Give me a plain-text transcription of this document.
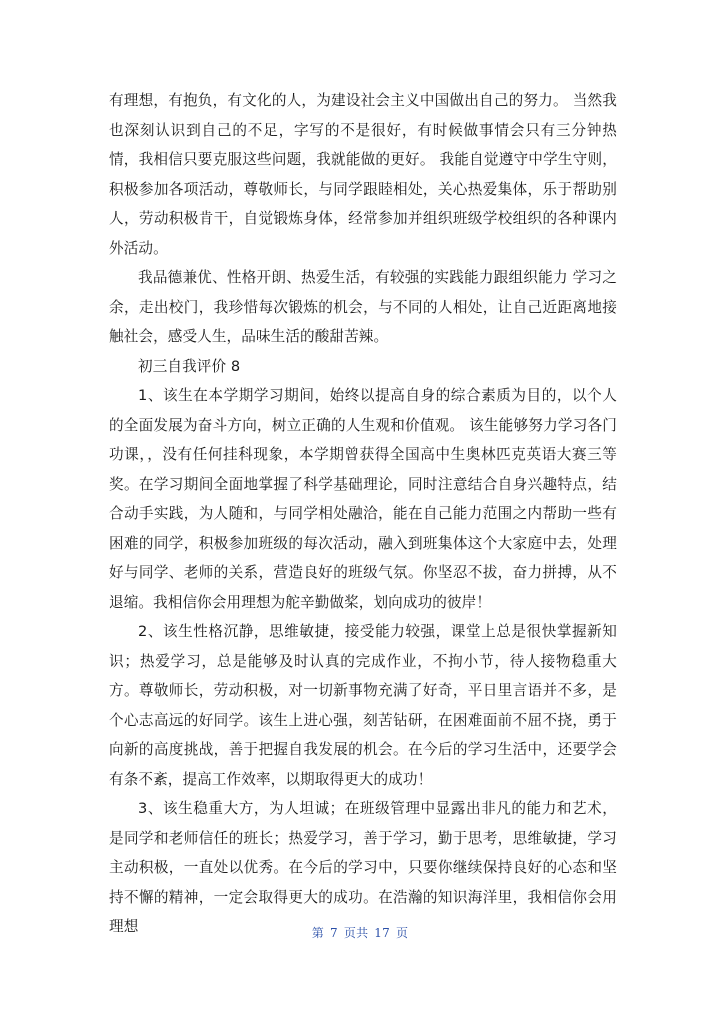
有理想，有抱负，有文化的人，为建设社会主义中国做出自己的努力。 当然我也深刻认识到自己的不足，字写的不是很好，有时候做事情会只有三分钟热情，我相信只要克服这些问题，我就能做的更好。 我能自觉遵守中学生守则，积极参加各项活动，尊敬师长，与同学跟睦相处，关心热爱集体，乐于帮助别人，劳动积极肯干，自觉锻炼身体，经常参加并组织班级学校组织的各种课内外活动。

我品德兼优、性格开朗、热爱生活，有较强的实践能力跟组织能力 学习之余，走出校门，我珍惜每次锻炼的机会，与不同的人相处，让自己近距离地接触社会，感受人生，品味生活的酸甜苦辣。

初三自我评价 8

1、该生在本学期学习期间，始终以提高自身的综合素质为目的，以个人的全面发展为奋斗方向，树立正确的人生观和价值观。 该生能够努力学习各门功课，，没有任何挂科现象，本学期曾获得全国高中生奥林匹克英语大赛三等奖。在学习期间全面地掌握了科学基础理论，同时注意结合自身兴趣特点，结合动手实践，为人随和，与同学相处融洽，能在自己能力范围之内帮助一些有困难的同学，积极参加班级的每次活动，融入到班集体这个大家庭中去，处理好与同学、老师的关系，营造良好的班级气氛。你坚忍不拔，奋力拼搏，从不退缩。我相信你会用理想为舵辛勤做桨，划向成功的彼岸！

2、该生性格沉静，思维敏捷，接受能力较强，课堂上总是很快掌握新知识；热爱学习，总是能够及时认真的完成作业，不拘小节，待人接物稳重大方。尊敬师长，劳动积极，对一切新事物充满了好奇，平日里言语并不多，是个心志高远的好同学。该生上进心强，刻苦钻研，在困难面前不屈不挠，勇于向新的高度挑战，善于把握自我发展的机会。在今后的学习生活中，还要学会有条不紊，提高工作效率，以期取得更大的成功！

3、该生稳重大方，为人坦诚；在班级管理中显露出非凡的能力和艺术，是同学和老师信任的班长；热爱学习，善于学习，勤于思考，思维敏捷，学习主动积极，一直处以优秀。在今后的学习中，只要你继续保持良好的心态和坚持不懈的精神，一定会取得更大的成功。在浩瀚的知识海洋里，我相信你会用理想	第 7 页共 17 页
